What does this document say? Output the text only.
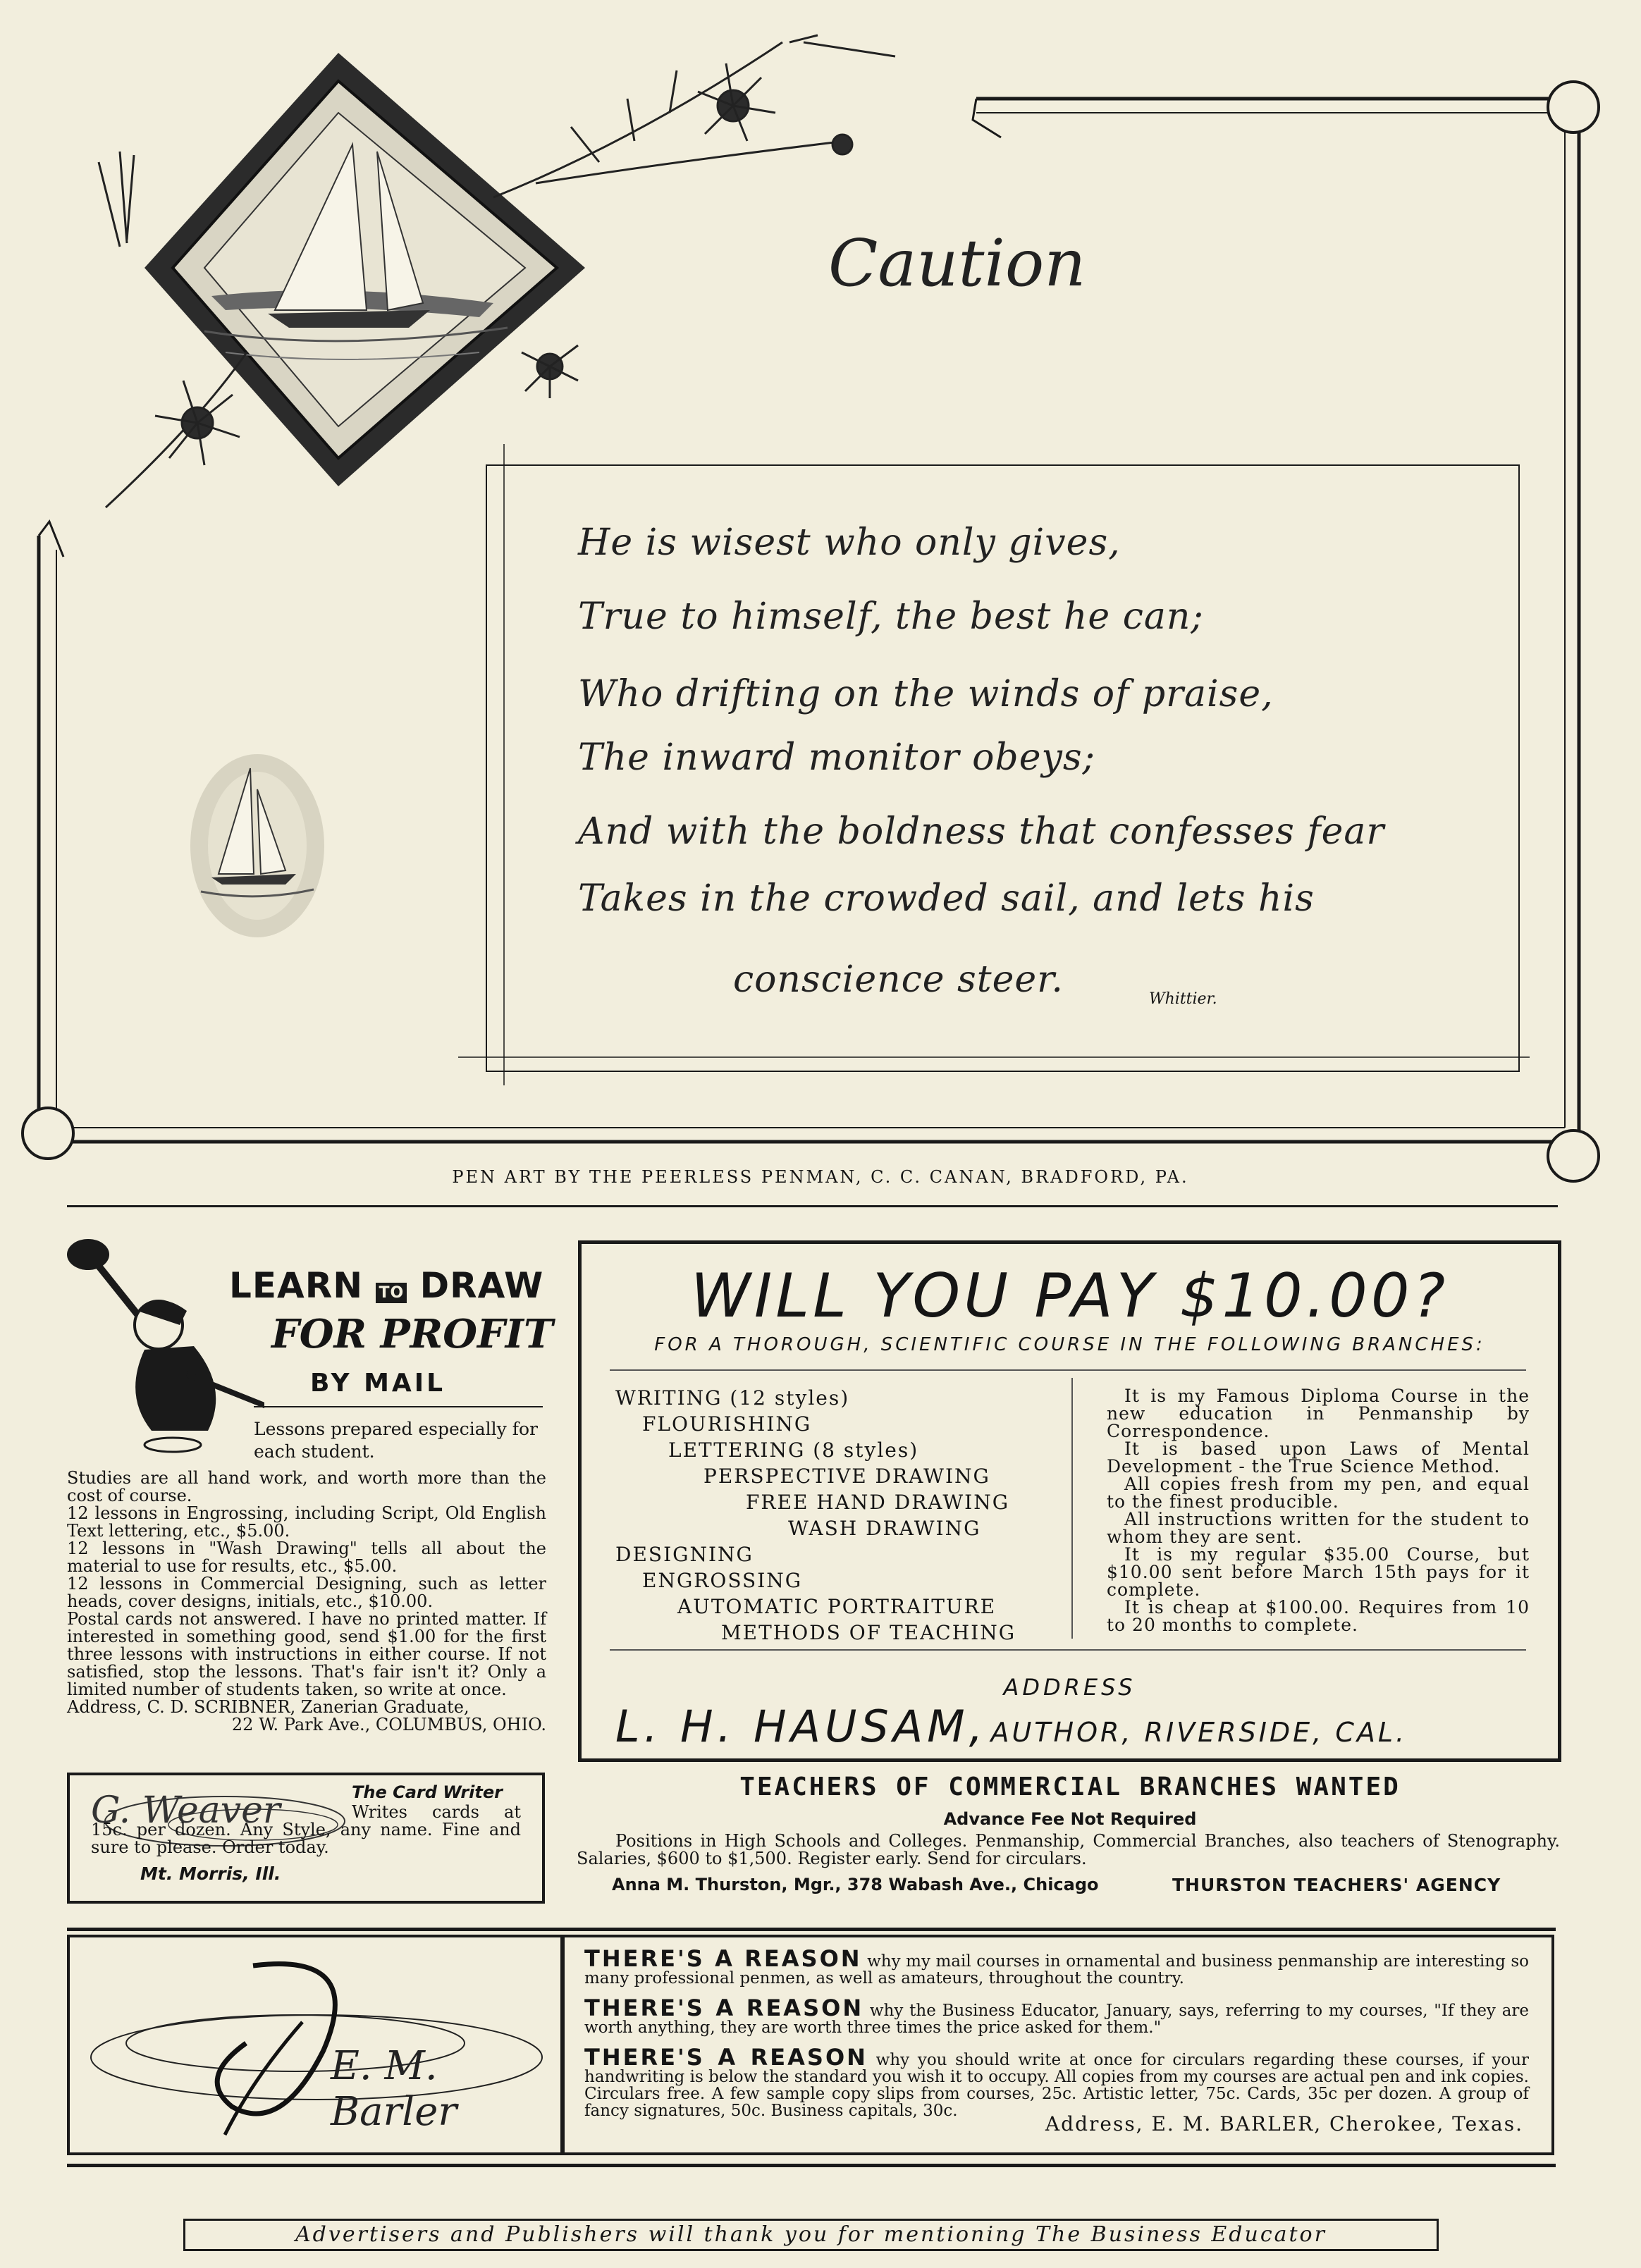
Caution
He is wisest who only gives,
True to himself, the best he can;
Who drifting on the winds of praise,
The inward monitor obeys;
And with the boldness that confesses fear
Takes in the crowded sail, and lets his
conscience steer.	Whittier.
PEN ART BY THE PEERLESS PENMAN, C. C. CANAN, BRADFORD, PA.
LEARN TO DRAW
FOR PROFIT
BY MAIL
Lessons prepared especially for each student.
Studies are all hand work, and worth more than the cost of course.
12 lessons in Engrossing, including Script, Old English Text lettering, etc., $5.00.
12 lessons in "Wash Drawing" tells all about the material to use for results, etc., $5.00.
12 lessons in Commercial Designing, such as letter heads, cover designs, initials, etc., $10.00.
Postal cards not answered. I have no printed matter. If interested in something good, send $1.00 for the first three lessons with instructions in either course. If not satisfied, stop the lessons. That's fair isn't it? Only a limited number of students taken, so write at once.
Address, C. D. SCRIBNER, Zanerian Graduate,
22 W. Park Ave., COLUMBUS, OHIO.
G. Weaver
Mt. Morris, Ill.
The Card Writer
Writes cards at 15c. per dozen. Any Style, any name. Fine and sure to please. Order today.
WILL YOU PAY $10.00?
FOR A THOROUGH, SCIENTIFIC COURSE IN THE FOLLOWING BRANCHES:
WRITING (12 styles)
FLOURISHING
LETTERING (8 styles)
PERSPECTIVE DRAWING
FREE HAND DRAWING
WASH DRAWING
DESIGNING
ENGROSSING
AUTOMATIC PORTRAITURE
METHODS OF TEACHING
It is my Famous Diploma Course in the new education in Penmanship by Correspondence.
It is based upon Laws of Mental Development - the True Science Method.
All copies fresh from my pen, and equal to the finest producible.
All instructions written for the student to whom they are sent.
It is my regular $35.00 Course, but $10.00 sent before March 15th pays for it complete.
It is cheap at $100.00. Requires from 10 to 20 months to complete.
ADDRESS
L. H. HAUSAM, AUTHOR, RIVERSIDE, CAL.
TEACHERS OF COMMERCIAL BRANCHES WANTED
Advance Fee Not Required
Positions in High Schools and Colleges. Penmanship, Commercial Branches, also teachers of Stenography. Salaries, $600 to $1,500. Register early. Send for circulars.
Anna M. Thurston, Mgr., 378 Wabash Ave., Chicago	THURSTON TEACHERS' AGENCY
E. M. Barler
THERE'S A REASON why my mail courses in ornamental and business penmanship are interesting so many professional penmen, as well as amateurs, throughout the country.
THERE'S A REASON why the Business Educator, January, says, referring to my courses, "If they are worth anything, they are worth three times the price asked for them."
THERE'S A REASON why you should write at once for circulars regarding these courses, if your handwriting is below the standard you wish it to occupy. All copies from my courses are actual pen and ink copies. Circulars free. A few sample copy slips from courses, 25c. Artistic letter, 75c. Cards, 35c per dozen. A group of fancy signatures, 50c. Business capitals, 30c.
Address, E. M. BARLER, Cherokee, Texas.
Advertisers and Publishers will thank you for mentioning The Business Educator
